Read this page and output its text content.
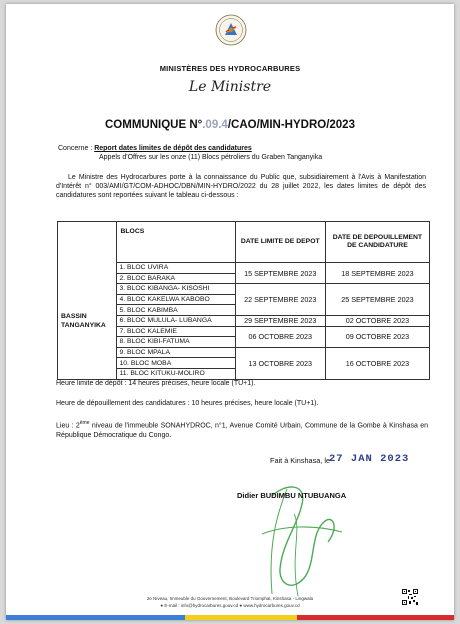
MINISTÈRES DES HYDROCARBURES
Le Ministre
COMMUNIQUE N°.09.4/CAO/MIN-HYDRO/2023
Concerne : Report dates limites de dépôt des candidatures
Appels d'Offres sur les onze (11) Blocs pétroliers du Graben Tanganyika
Le Ministre des Hydrocarbures porte à la connaissance du Public que, subsidiairement à l'Avis à Manifestation d'Intérêt n° 003/AMI/GT/COM-ADHOC/DBN/MIN-HYDRO/2022 du 28 juillet 2022, les dates limites de dépôt des candidatures sont reportées suivant le tableau ci-dessous :
	BLOCS	DATE LIMITE DE DEPOT	DATE DE DEPOUILLEMENT DE CANDIDATURE
BASSIN TANGANYIKA	1. BLOC UVIRA	15 SEPTEMBRE 2023	18 SEPTEMBRE 2023
	2. BLOC BARAKA		
	3. BLOC KIBANGA- KISOSHI	22 SEPTEMBRE 2023	25 SEPTEMBRE 2023
	4. BLOC KAKELWA KABOBO		
	5. BLOC KABIMBA		
	6. BLOC MULULA- LUBANGA	29 SEPTEMBRE 2023	02 OCTOBRE 2023
	7. BLOC KALEMIE	06 OCTOBRE 2023	09 OCTOBRE 2023
	8. BLOC KIBI-FATUMA		
	9. BLOC MPALA	13 OCTOBRE 2023	16 OCTOBRE 2023
	10. BLOC MOBA		
	11. BLOC KITUKU-MOLIRO		
Heure limite de dépôt : 14 heures précises, heure locale (TU+1).
Heure de dépouillement des candidatures : 10 heures précises, heure locale (TU+1).
Lieu : 2ème niveau de l'immeuble SONAHYDROC, n°1, Avenue Comité Urbain, Commune de la Gombe à Kinshasa en République Démocratique du Congo.
Fait à Kinshasa, le
27 JAN 2023
Didier BUDIMBU NTUBUANGA
2e Niveau, Immeuble du Gouvernement, Boulevard Triomphal, Kinshasa - Lingwala
● E-mail : info@hydrocarbures.gouv.cd ● www.hydrocarbures.gouv.cd
